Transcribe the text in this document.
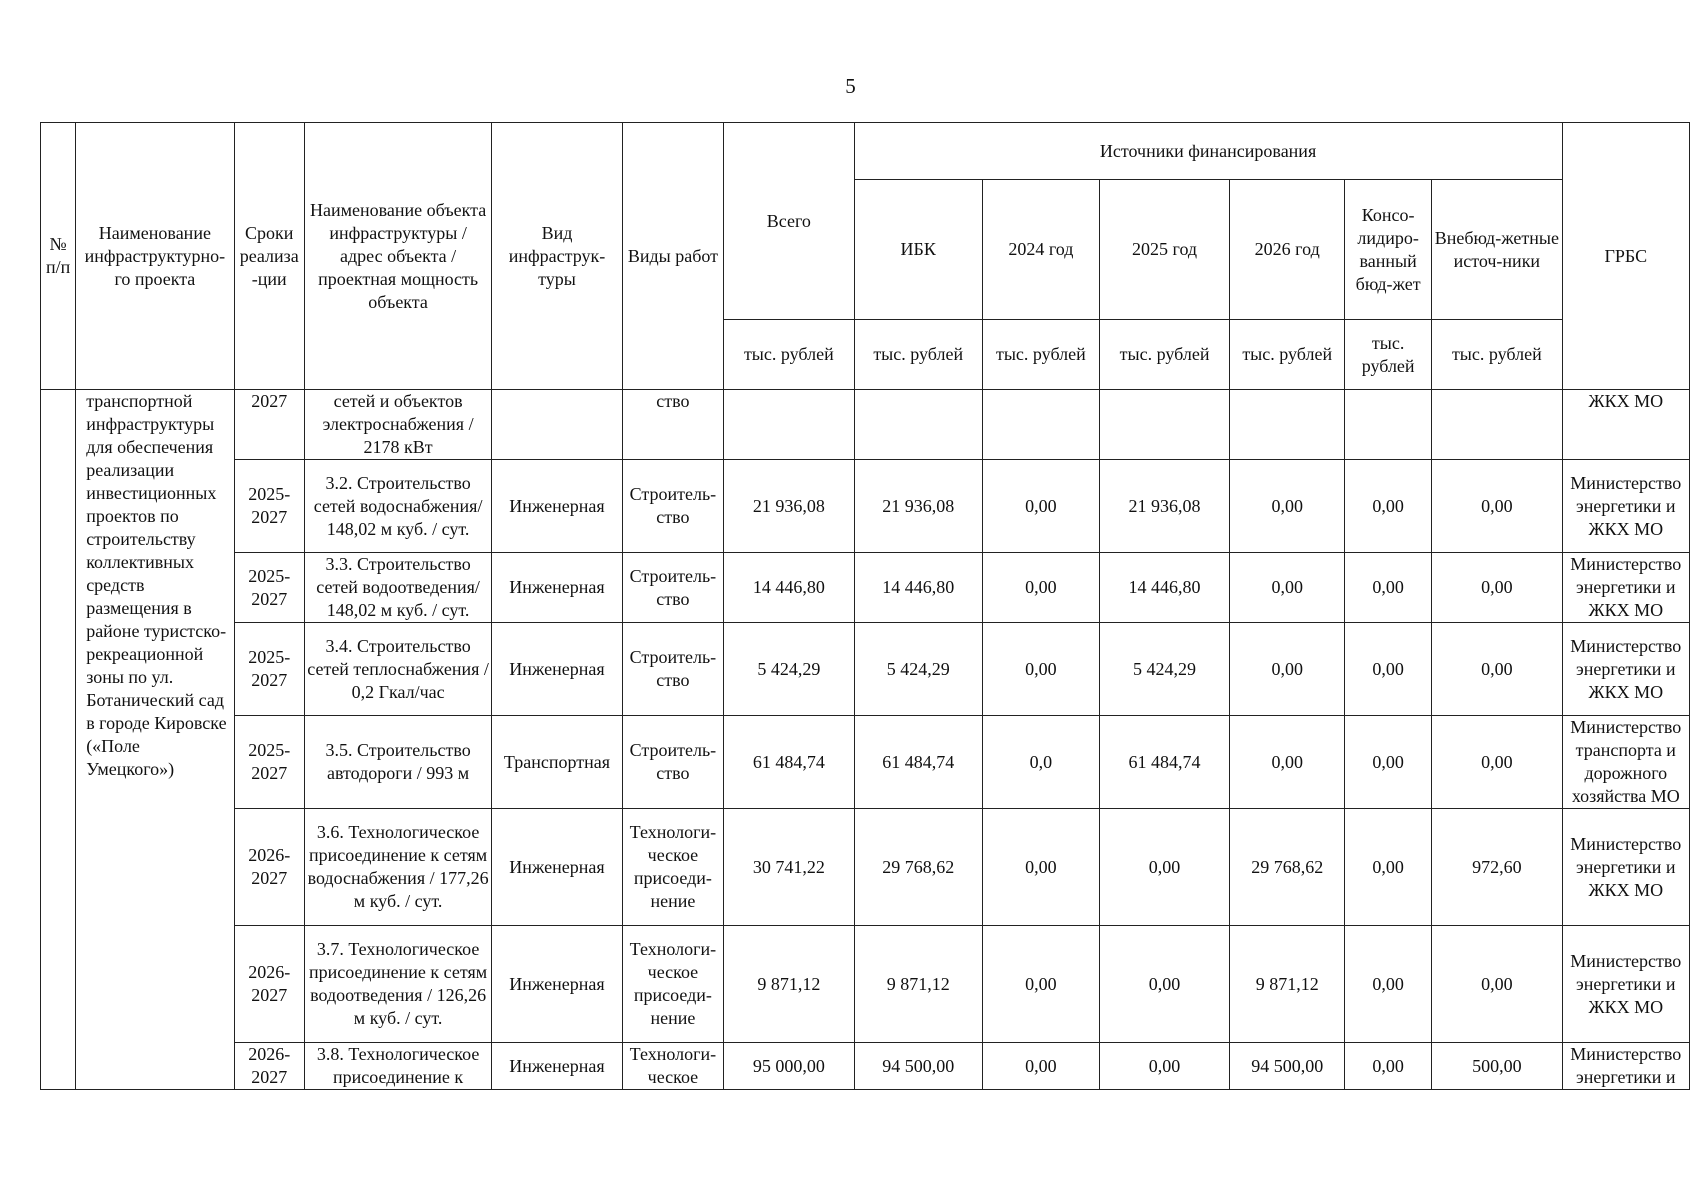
5
№ п/п	Наименование инфраструктурно-го проекта	Сроки реализа -ции	Наименование объекта инфраструктуры / адрес объекта / проектная мощность объекта	Вид инфраструк-туры	Виды работ	Всего	Источники финансирования						ГРБС
							ИБК	2024 год	2025 год	2026 год	Консо-лидиро-ванный бюд-жет	Внебюд-жетные источ-ники	
						тыс. рублей	тыс. рублей	тыс. рублей	тыс. рублей	тыс. рублей	тыс. рублей	тыс. рублей	
	транспортной инфраструктуры для обеспечения реализации инвестиционных проектов по строительству коллективных средств размещения в районе туристско-рекреационной зоны по ул. Ботанический сад в городе Кировске («Поле Умецкого»)	2027	сетей и объектов электроснабжения / 2178 кВт		ство								ЖКХ МО
		2025-2027	3.2. Строительство сетей водоснабжения/ 148,02 м куб. / сут.	Инженерная	Строитель-ство	21 936,08	21 936,08	0,00	21 936,08	0,00	0,00	0,00	Министерство энергетики и ЖКХ МО
		2025-2027	3.3. Строительство сетей водоотведения/ 148,02 м куб. / сут.	Инженерная	Строитель-ство	14 446,80	14 446,80	0,00	14 446,80	0,00	0,00	0,00	Министерство энергетики и ЖКХ МО
		2025-2027	3.4. Строительство сетей теплоснабжения / 0,2 Гкал/час	Инженерная	Строитель-ство	5 424,29	5 424,29	0,00	5 424,29	0,00	0,00	0,00	Министерство энергетики и ЖКХ МО
		2025-2027	3.5. Строительство автодороги / 993 м	Транспортная	Строитель-ство	61 484,74	61 484,74	0,0	61 484,74	0,00	0,00	0,00	Министерство транспорта и дорожного хозяйства МО
		2026-2027	3.6. Технологическое присоединение к сетям водоснабжения / 177,26 м куб. / сут.	Инженерная	Технологи-ческое присоеди-нение	30 741,22	29 768,62	0,00	0,00	29 768,62	0,00	972,60	Министерство энергетики и ЖКХ МО
		2026-2027	3.7. Технологическое присоединение к сетям водоотведения / 126,26 м куб. / сут.	Инженерная	Технологи-ческое присоеди-нение	9 871,12	9 871,12	0,00	0,00	9 871,12	0,00	0,00	Министерство энергетики и ЖКХ МО
		2026-2027	3.8. Технологическое присоединение к	Инженерная	Технологи-ческое	95 000,00	94 500,00	0,00	0,00	94 500,00	0,00	500,00	Министерство энергетики и
